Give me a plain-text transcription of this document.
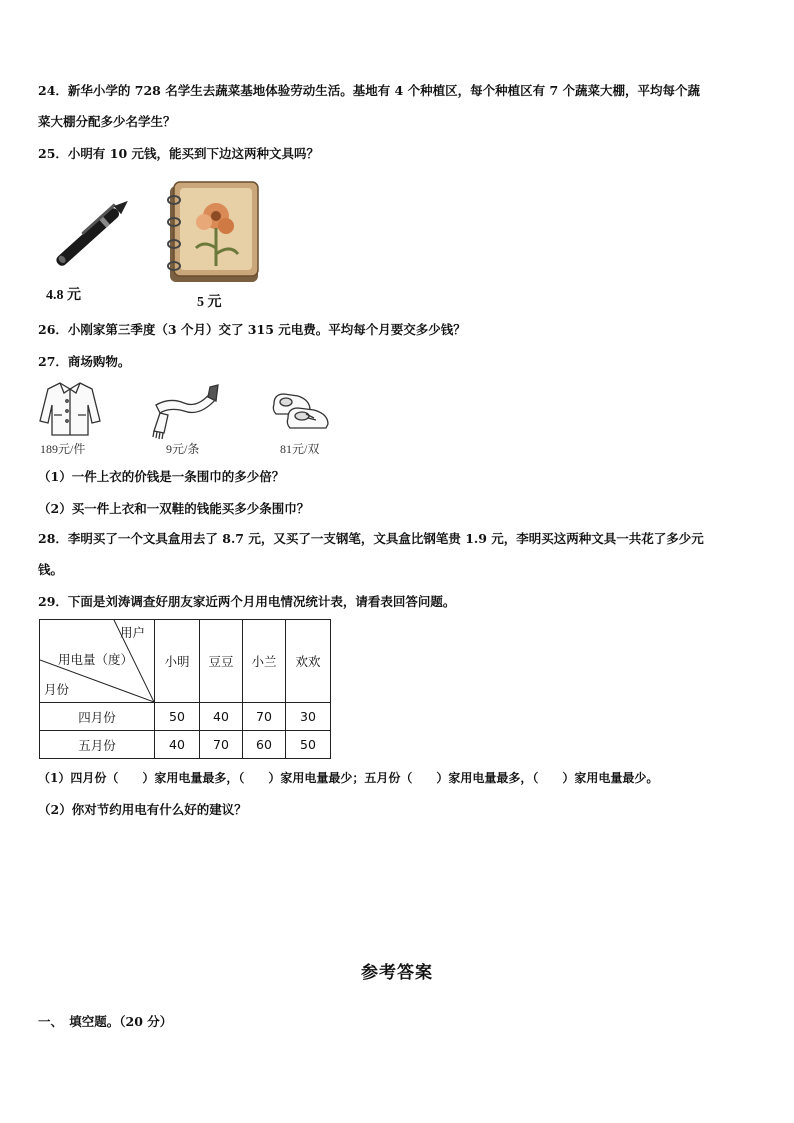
24．新华小学的 728 名学生去蔬菜基地体验劳动生活。基地有 4 个种植区，每个种植区有 7 个蔬菜大棚，平均每个蔬
菜大棚分配多少名学生？
25．小明有 10 元钱，能买到下边这两种文具吗？
4.8 元	5 元
26．小刚家第三季度（3 个月）交了 315 元电费。平均每个月要交多少钱？
27．商场购物。
189元/件	9元/条	81元/双
（1）一件上衣的价钱是一条围巾的多少倍？
（2）买一件上衣和一双鞋的钱能买多少条围巾？
28．李明买了一个文具盒用去了 8.7 元，又买了一支钢笔，文具盒比钢笔贵 1.9 元，李明买这两种文具一共花了多少元
钱。
29．下面是刘涛调查好朋友家近两个月用电情况统计表，请看表回答问题。
用户
用电量（度）
月份	小明	豆豆	小兰	欢欢
四月份	50	40	70	30
五月份	40	70	60	50
（1）四月份（　　）家用电量最多，（　　）家用电量最少；五月份（　　）家用电量最多，（　　）家用电量最少。
（2）你对节约用电有什么好的建议？
参考答案
一、　填空题。（20 分）
